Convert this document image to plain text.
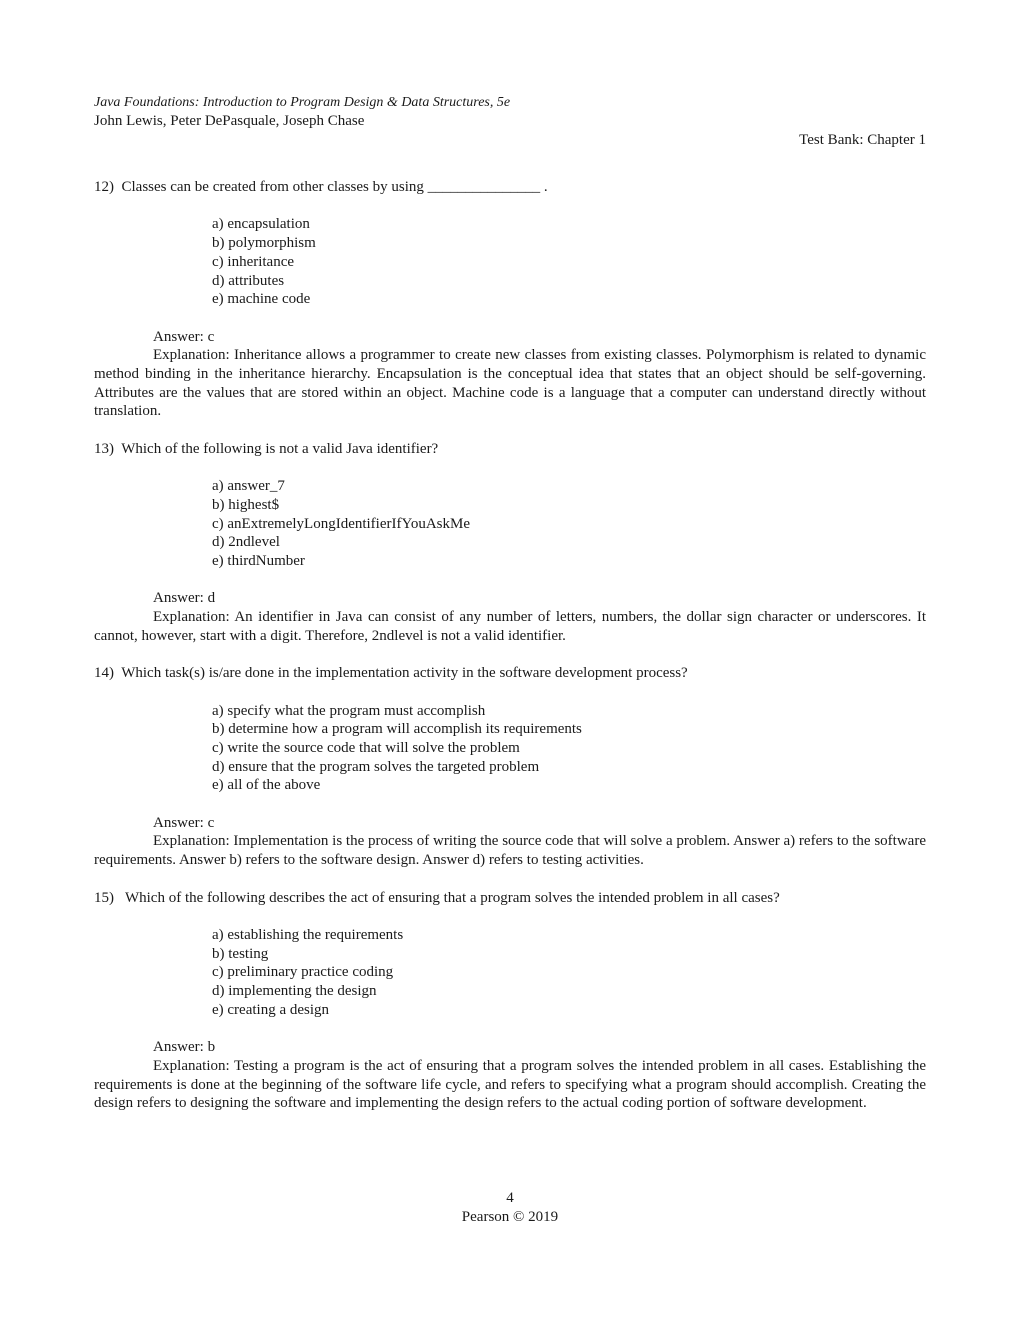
Java Foundations: Introduction to Program Design & Data Structures, 5e
John Lewis, Peter DePasquale, Joseph Chase
Test Bank: Chapter 1
12)  Classes can be created from other classes by using _______________ .
a) encapsulation
b) polymorphism
c) inheritance
d) attributes
e) machine code
Answer: c
Explanation: Inheritance allows a programmer to create new classes from existing classes. Polymorphism is related to dynamic method binding in the inheritance hierarchy. Encapsulation is the conceptual idea that states that an object should be self-governing. Attributes are the values that are stored within an object. Machine code is a language that a computer can understand directly without translation.
13)  Which of the following is not a valid Java identifier?
a) answer_7
b) highest$
c) anExtremelyLongIdentifierIfYouAskMe
d) 2ndlevel
e) thirdNumber
Answer: d
Explanation: An identifier in Java can consist of any number of letters, numbers, the dollar sign character or underscores. It cannot, however, start with a digit. Therefore, 2ndlevel is not a valid identifier.
14)  Which task(s) is/are done in the implementation activity in the software development process?
a) specify what the program must accomplish
b) determine how a program will accomplish its requirements
c) write the source code that will solve the problem
d) ensure that the program solves the targeted problem
e) all of the above
Answer: c
Explanation: Implementation is the process of writing the source code that will solve a problem. Answer a) refers to the software requirements. Answer b) refers to the software design. Answer d) refers to testing activities.
15)   Which of the following describes the act of ensuring that a program solves the intended problem in all cases?
a) establishing the requirements
b) testing
c) preliminary practice coding
d) implementing the design
e) creating a design
Answer: b
Explanation: Testing a program is the act of ensuring that a program solves the intended problem in all cases. Establishing the requirements is done at the beginning of the software life cycle, and refers to specifying what a program should accomplish. Creating the design refers to designing the software and implementing the design refers to the actual coding portion of software development.
4
Pearson © 2019
